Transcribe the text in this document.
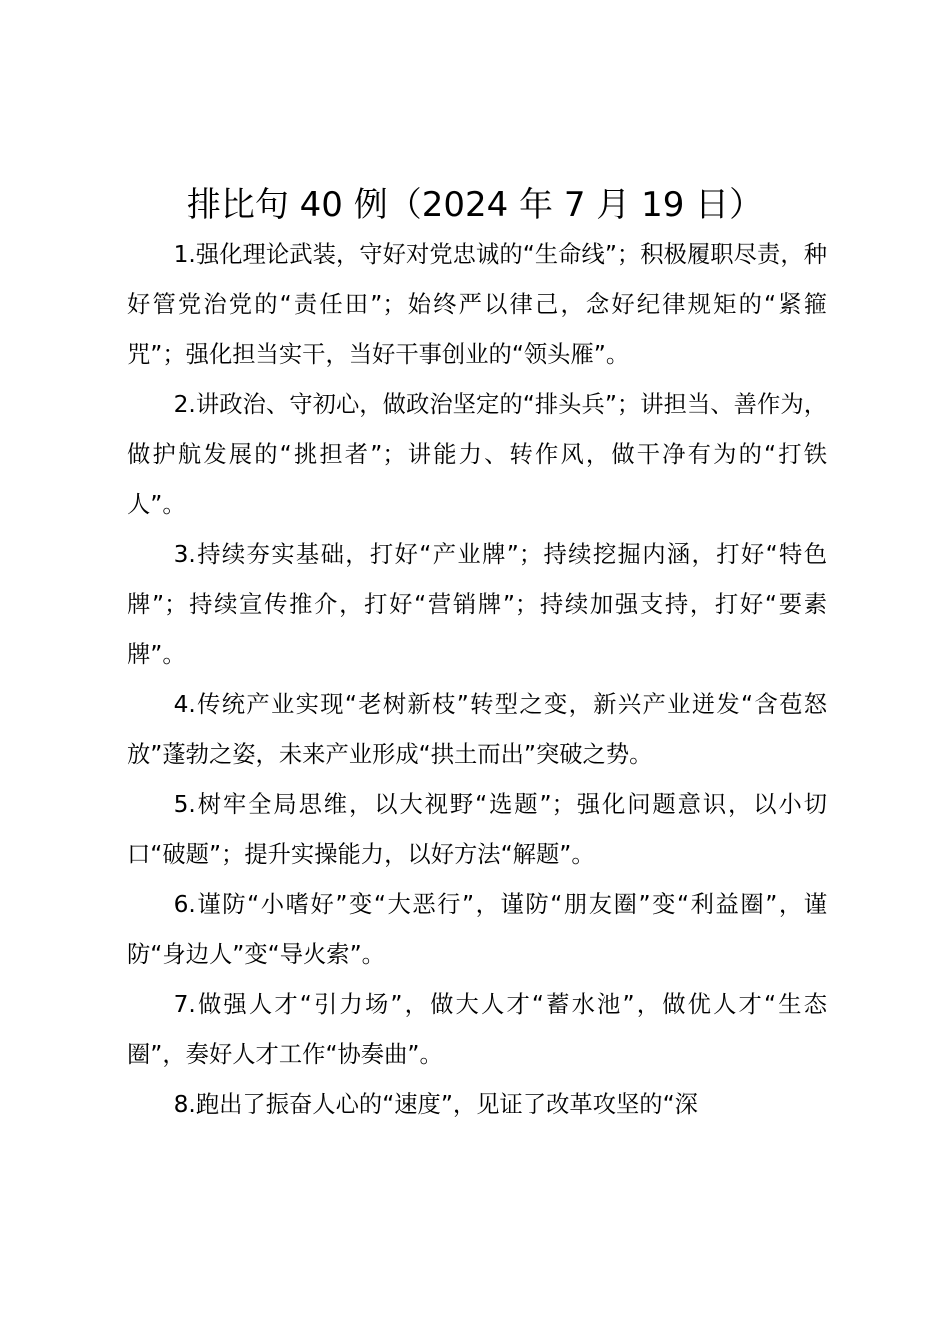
排比句 40 例（2024 年 7 月 19 日）

1.强化理论武装，守好对党忠诚的“生命线”；积极履职尽责，种好管党治党的“责任田”；始终严以律己，念好纪律规矩的“紧箍咒”；强化担当实干，当好干事创业的“领头雁”。

2.讲政治、守初心，做政治坚定的“排头兵”；讲担当、善作为，做护航发展的“挑担者”；讲能力、转作风，做干净有为的“打铁人”。

3.持续夯实基础，打好“产业牌”；持续挖掘内涵，打好“特色牌”；持续宣传推介，打好“营销牌”；持续加强支持，打好“要素牌”。

4.传统产业实现“老树新枝”转型之变，新兴产业迸发“含苞怒放”蓬勃之姿，未来产业形成“拱土而出”突破之势。

5.树牢全局思维，以大视野“选题”；强化问题意识，以小切口“破题”；提升实操能力，以好方法“解题”。

6.谨防“小嗜好”变“大恶行”，谨防“朋友圈”变“利益圈”，谨防“身边人”变“导火索”。

7.做强人才“引力场”，做大人才“蓄水池”，做优人才“生态圈”，奏好人才工作“协奏曲”。

8.跑出了振奋人心的“速度”，见证了改革攻坚的“深
